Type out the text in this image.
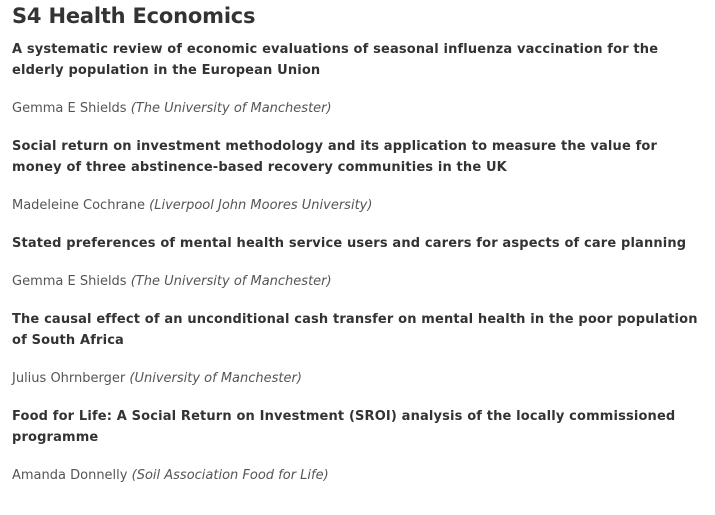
S4 Health Economics
A systematic review of economic evaluations of seasonal influenza vaccination for the elderly population in the European Union

Gemma E Shields (The University of Manchester)

Social return on investment methodology and its application to measure the value for money of three abstinence-based recovery communities in the UK

Madeleine Cochrane (Liverpool John Moores University)

Stated preferences of mental health service users and carers for aspects of care planning

Gemma E Shields (The University of Manchester)

The causal effect of an unconditional cash transfer on mental health in the poor population of South Africa

Julius Ohrnberger (University of Manchester)

Food for Life: A Social Return on Investment (SROI) analysis of the locally commissioned programme

Amanda Donnelly (Soil Association Food for Life)
